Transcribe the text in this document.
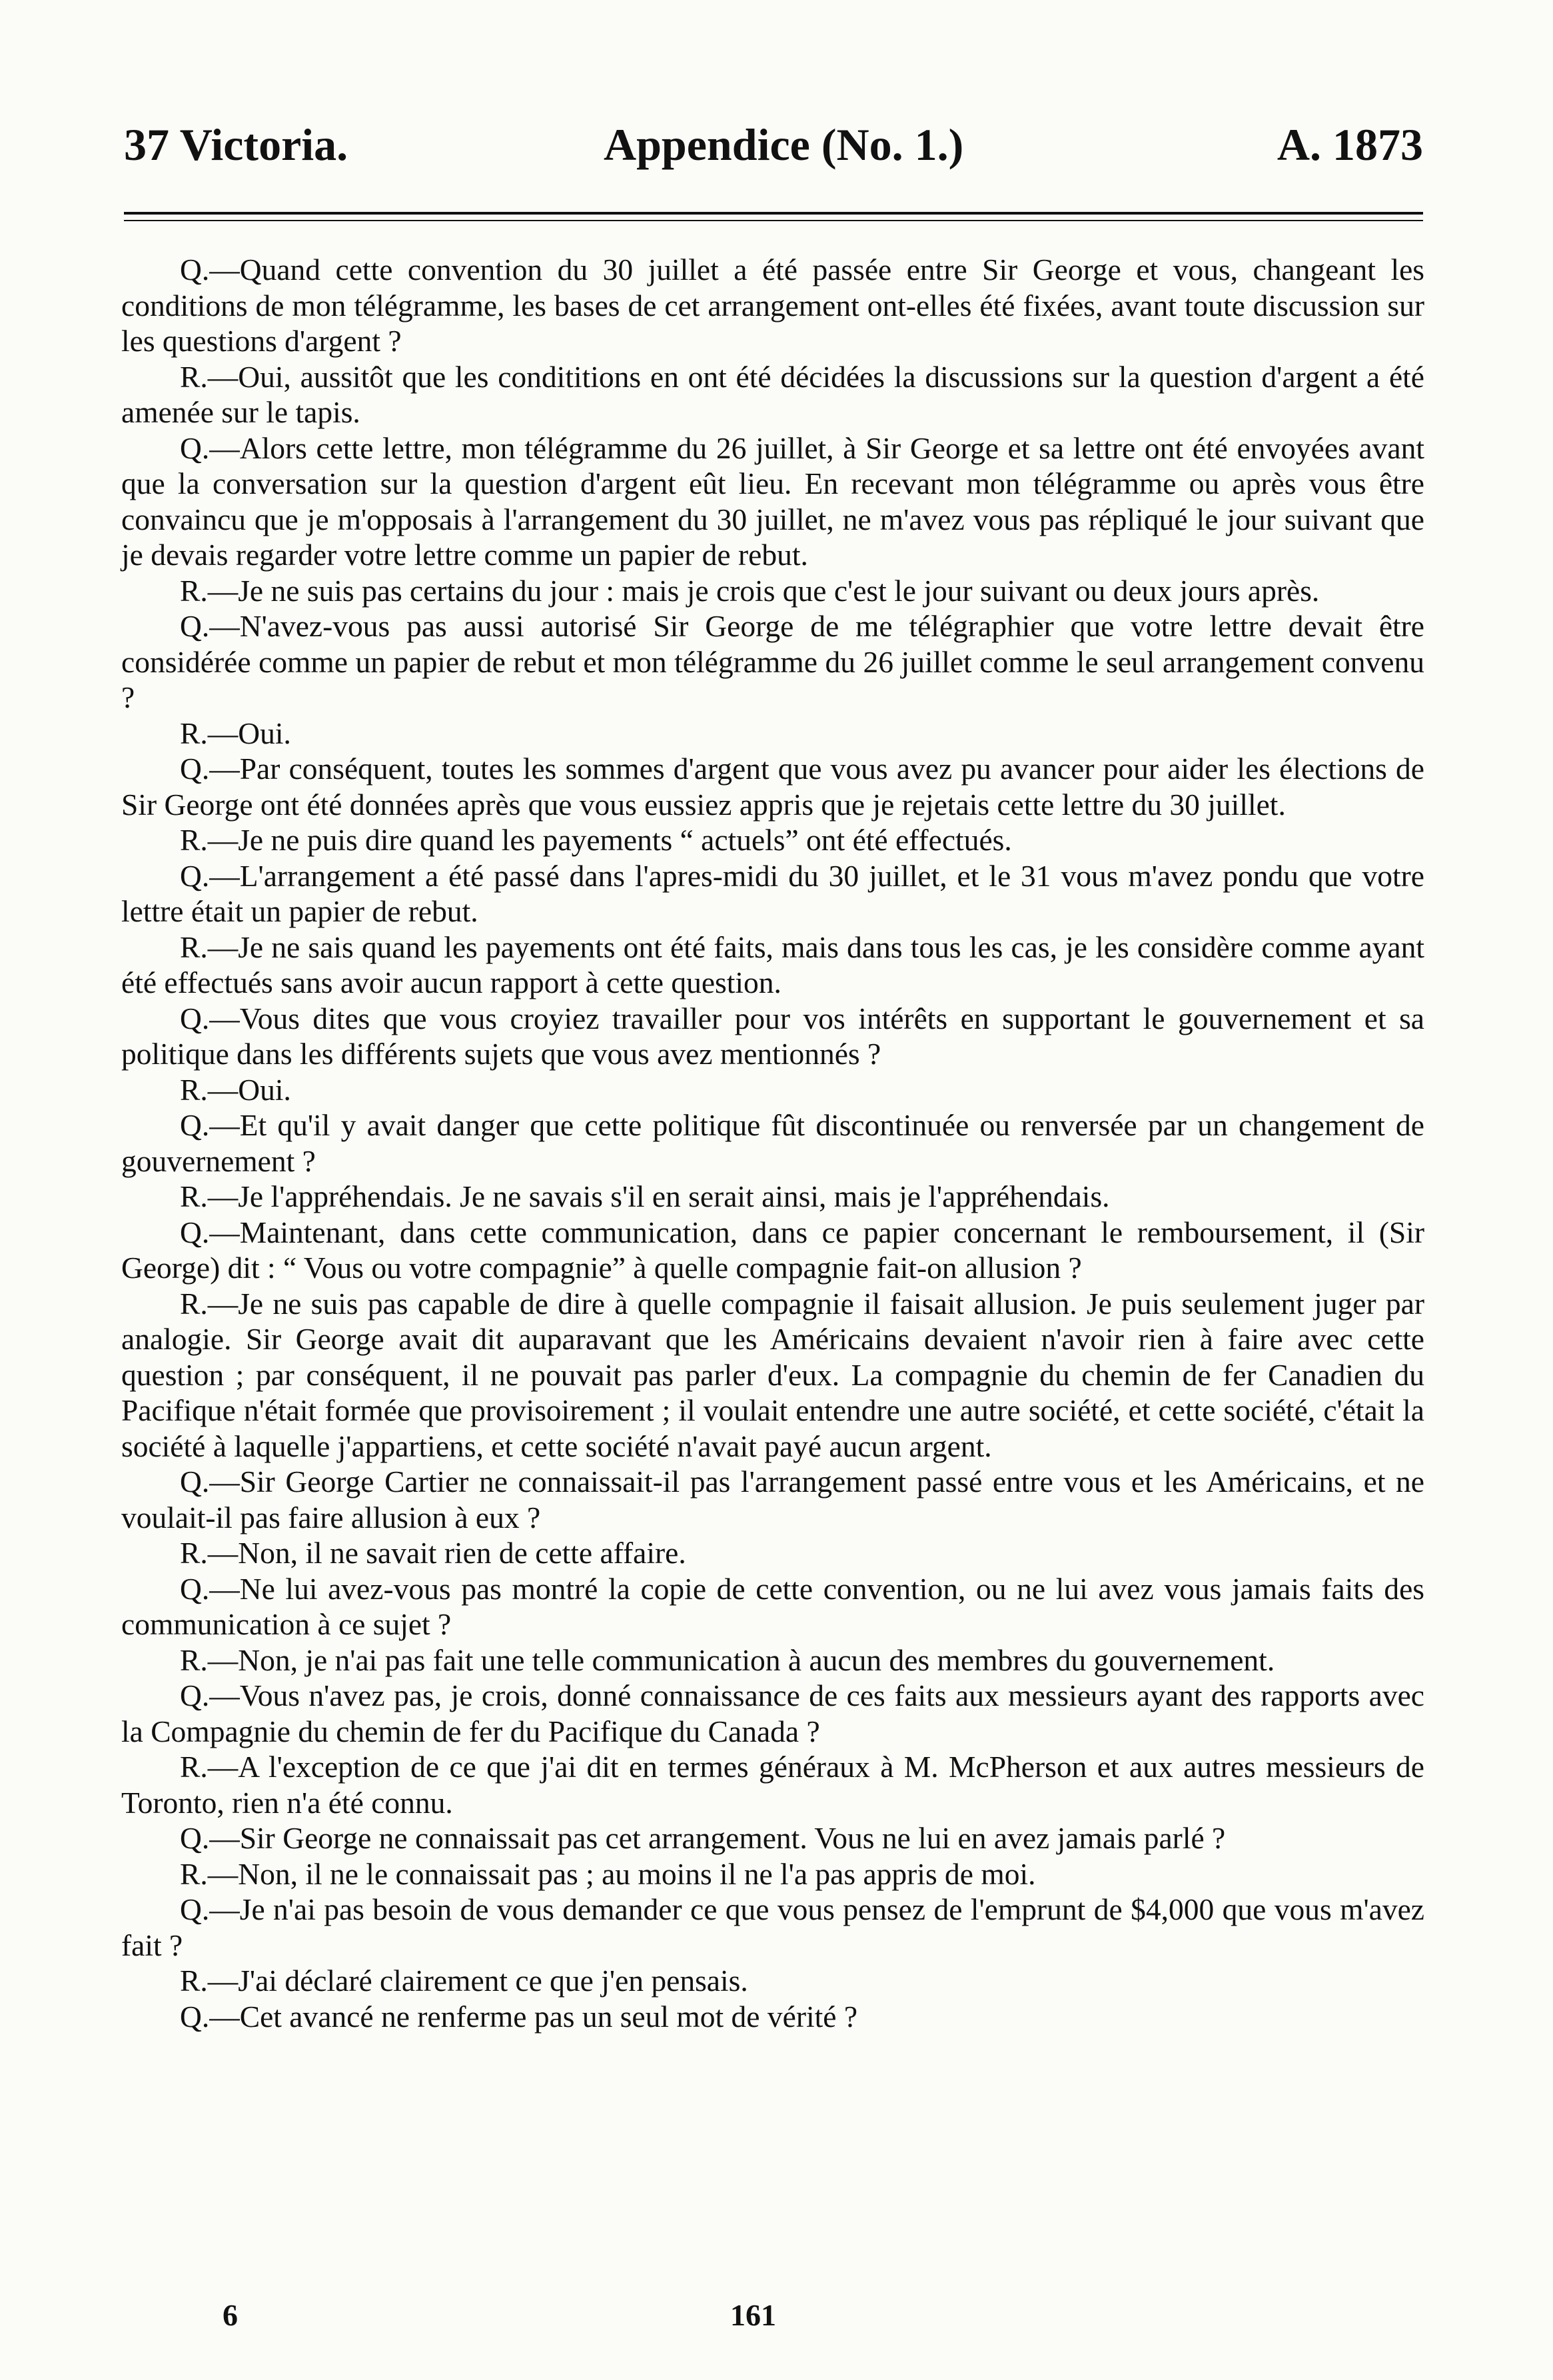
37 Victoria.	Appendice (No. 1.)	A. 1873

Q.—Quand cette convention du 30 juillet a été passée entre Sir George et vous, changeant les conditions de mon télégramme, les bases de cet arrangement ont-elles été fixées, avant toute discussion sur les questions d'argent ?

R.—Oui, aussitôt que les condititions en ont été décidées la discussions sur la question d'argent a été amenée sur le tapis.

Q.—Alors cette lettre, mon télégramme du 26 juillet, à Sir George et sa lettre ont été envoyées avant que la conversation sur la question d'argent eût lieu. En recevant mon télégramme ou après vous être convaincu que je m'opposais à l'arrangement du 30 juillet, ne m'avez vous pas répliqué le jour suivant que je devais regarder votre lettre comme un papier de rebut.

R.—Je ne suis pas certains du jour : mais je crois que c'est le jour suivant ou deux jours après.

Q.—N'avez-vous pas aussi autorisé Sir George de me télégraphier que votre lettre devait être considérée comme un papier de rebut et mon télégramme du 26 juillet comme le seul arrangement convenu ?

R.—Oui.

Q.—Par conséquent, toutes les sommes d'argent que vous avez pu avancer pour aider les élections de Sir George ont été données après que vous eussiez appris que je rejetais cette lettre du 30 juillet.

R.—Je ne puis dire quand les payements “ actuels” ont été effectués.

Q.—L'arrangement a été passé dans l'apres-midi du 30 juillet, et le 31 vous m'avez pondu que votre lettre était un papier de rebut.

R.—Je ne sais quand les payements ont été faits, mais dans tous les cas, je les considère comme ayant été effectués sans avoir aucun rapport à cette question.

Q.—Vous dites que vous croyiez travailler pour vos intérêts en supportant le gouvernement et sa politique dans les différents sujets que vous avez mentionnés ?

R.—Oui.

Q.—Et qu'il y avait danger que cette politique fût discontinuée ou renversée par un changement de gouvernement ?

R.—Je l'appréhendais. Je ne savais s'il en serait ainsi, mais je l'appréhendais.

Q.—Maintenant, dans cette communication, dans ce papier concernant le remboursement, il (Sir George) dit : “ Vous ou votre compagnie” à quelle compagnie fait-on allusion ?

R.—Je ne suis pas capable de dire à quelle compagnie il faisait allusion. Je puis seulement juger par analogie. Sir George avait dit auparavant que les Américains devaient n'avoir rien à faire avec cette question ; par conséquent, il ne pouvait pas parler d'eux. La compagnie du chemin de fer Canadien du Pacifique n'était formée que provisoirement ; il voulait entendre une autre société, et cette société, c'était la société à laquelle j'appartiens, et cette société n'avait payé aucun argent.

Q.—Sir George Cartier ne connaissait-il pas l'arrangement passé entre vous et les Américains, et ne voulait-il pas faire allusion à eux ?

R.—Non, il ne savait rien de cette affaire.

Q.—Ne lui avez-vous pas montré la copie de cette convention, ou ne lui avez vous jamais faits des communication à ce sujet ?

R.—Non, je n'ai pas fait une telle communication à aucun des membres du gouvernement.

Q.—Vous n'avez pas, je crois, donné connaissance de ces faits aux messieurs ayant des rapports avec la Compagnie du chemin de fer du Pacifique du Canada ?

R.—A l'exception de ce que j'ai dit en termes généraux à M. McPherson et aux autres messieurs de Toronto, rien n'a été connu.

Q.—Sir George ne connaissait pas cet arrangement. Vous ne lui en avez jamais parlé ?

R.—Non, il ne le connaissait pas ; au moins il ne l'a pas appris de moi.

Q.—Je n'ai pas besoin de vous demander ce que vous pensez de l'emprunt de $4,000 que vous m'avez fait ?

R.—J'ai déclaré clairement ce que j'en pensais.

Q.—Cet avancé ne renferme pas un seul mot de vérité ?

6	161
